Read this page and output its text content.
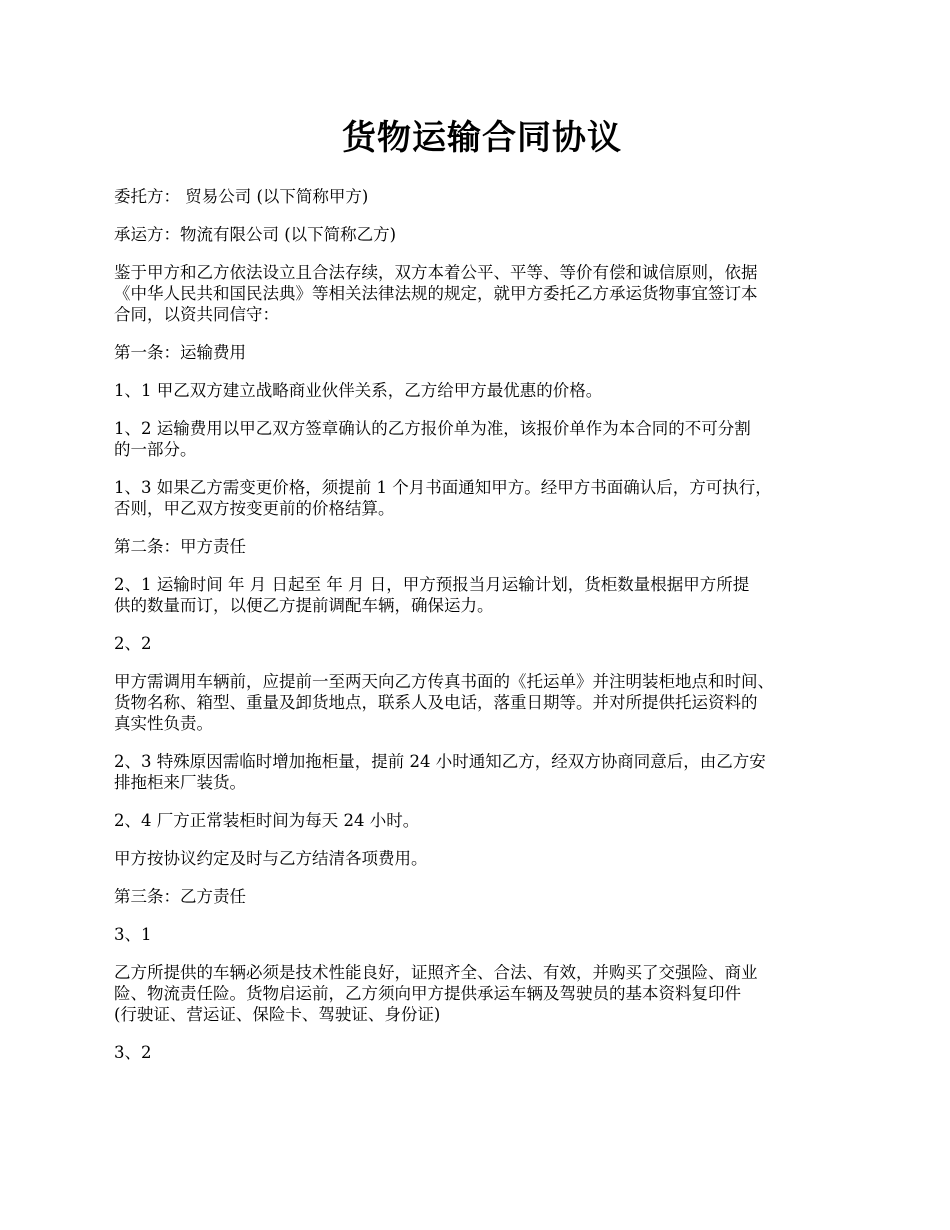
货物运输合同协议
委托方： 贸易公司 (以下简称甲方)
承运方：物流有限公司 (以下简称乙方)
鉴于甲方和乙方依法设立且合法存续，双方本着公平、平等、等价有偿和诚信原则，依据
《中华人民共和国民法典》等相关法律法规的规定，就甲方委托乙方承运货物事宜签订本
合同，以资共同信守：
第一条：运输费用
1、1 甲乙双方建立战略商业伙伴关系，乙方给甲方最优惠的价格。
1、2 运输费用以甲乙双方签章确认的乙方报价单为准，该报价单作为本合同的不可分割
的一部分。
1、3 如果乙方需变更价格，须提前 1 个月书面通知甲方。经甲方书面确认后，方可执行，
否则，甲乙双方按变更前的价格结算。
第二条：甲方责任
2、1 运输时间 年 月 日起至 年 月 日，甲方预报当月运输计划，货柜数量根据甲方所提
供的数量而订，以便乙方提前调配车辆，确保运力。
2、2
甲方需调用车辆前，应提前一至两天向乙方传真书面的《托运单》并注明装柜地点和时间、
货物名称、箱型、重量及卸货地点，联系人及电话，落重日期等。并对所提供托运资料的
真实性负责。
2、3 特殊原因需临时增加拖柜量，提前 24 小时通知乙方，经双方协商同意后，由乙方安
排拖柜来厂装货。
2、4 厂方正常装柜时间为每天 24 小时。
甲方按协议约定及时与乙方结清各项费用。
第三条：乙方责任
3、1
乙方所提供的车辆必须是技术性能良好，证照齐全、合法、有效，并购买了交强险、商业
险、物流责任险。货物启运前，乙方须向甲方提供承运车辆及驾驶员的基本资料复印件
(行驶证、营运证、保险卡、驾驶证、身份证)
3、2
